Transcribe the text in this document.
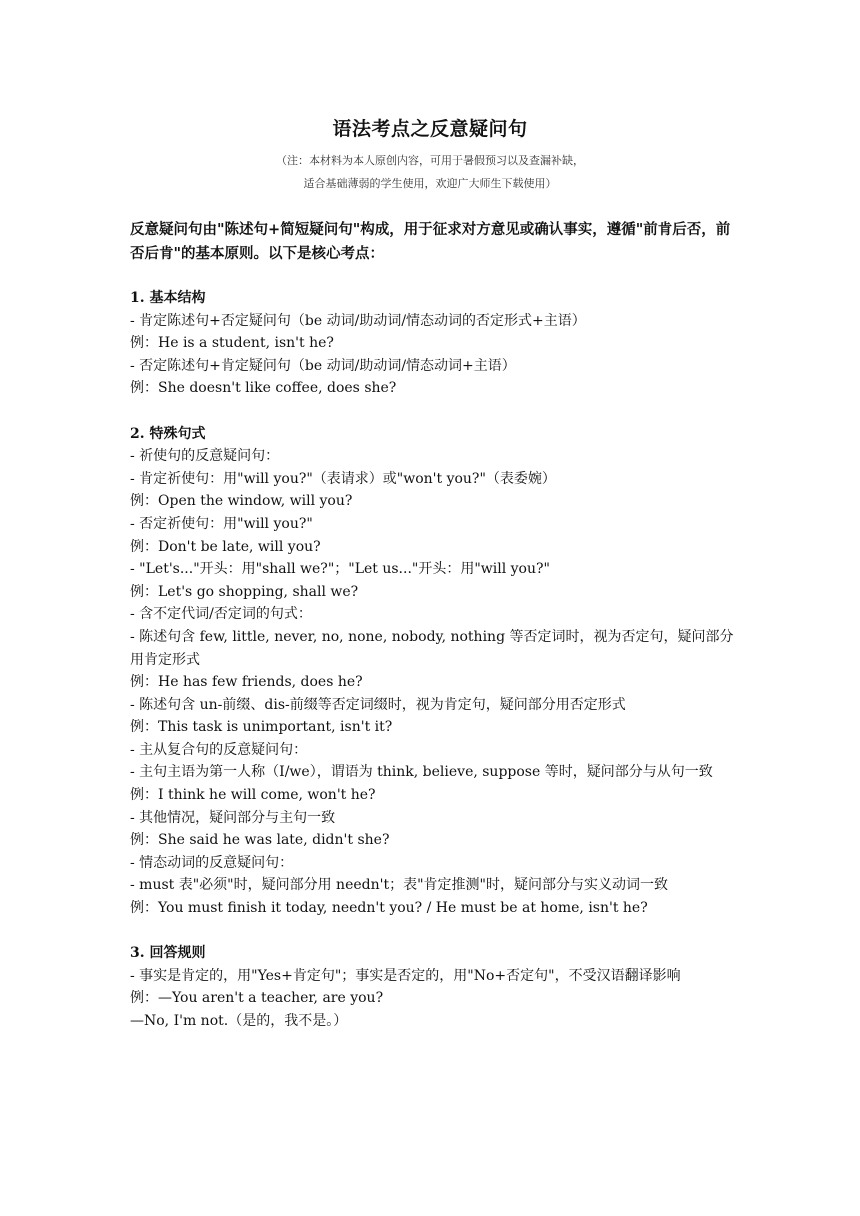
语法考点之反意疑问句
（注：本材料为本人原创内容，可用于暑假预习以及查漏补缺，
适合基础薄弱的学生使用，欢迎广大师生下载使用）
反意疑问句由"陈述句+简短疑问句"构成，用于征求对方意见或确认事实，遵循"前肯后否，前否后肯"的基本原则。以下是核心考点：
1. 基本结构
- 肯定陈述句+否定疑问句（be 动词/助动词/情态动词的否定形式+主语）
例：He is a student, isn't he?
- 否定陈述句+肯定疑问句（be 动词/助动词/情态动词+主语）
例：She doesn't like coffee, does she?
2. 特殊句式
- 祈使句的反意疑问句：
- 肯定祈使句：用"will you?"（表请求）或"won't you?"（表委婉）
例：Open the window, will you?
- 否定祈使句：用"will you?"
例：Don't be late, will you?
- "Let's..."开头：用"shall we?"；"Let us..."开头：用"will you?"
例：Let's go shopping, shall we?
- 含不定代词/否定词的句式：
- 陈述句含 few, little, never, no, none, nobody, nothing 等否定词时，视为否定句，疑问部分用肯定形式
例：He has few friends, does he?
- 陈述句含 un-前缀、dis-前缀等否定词缀时，视为肯定句，疑问部分用否定形式
例：This task is unimportant, isn't it?
- 主从复合句的反意疑问句：
- 主句主语为第一人称（I/we），谓语为 think, believe, suppose 等时，疑问部分与从句一致
例：I think he will come, won't he?
- 其他情况，疑问部分与主句一致
例：She said he was late, didn't she?
- 情态动词的反意疑问句：
- must 表"必须"时，疑问部分用 needn't；表"肯定推测"时，疑问部分与实义动词一致
例：You must finish it today, needn't you? / He must be at home, isn't he?
3. 回答规则
- 事实是肯定的，用"Yes+肯定句"；事实是否定的，用"No+否定句"，不受汉语翻译影响
例：—You aren't a teacher, are you?
—No, I'm not.（是的，我不是。）
